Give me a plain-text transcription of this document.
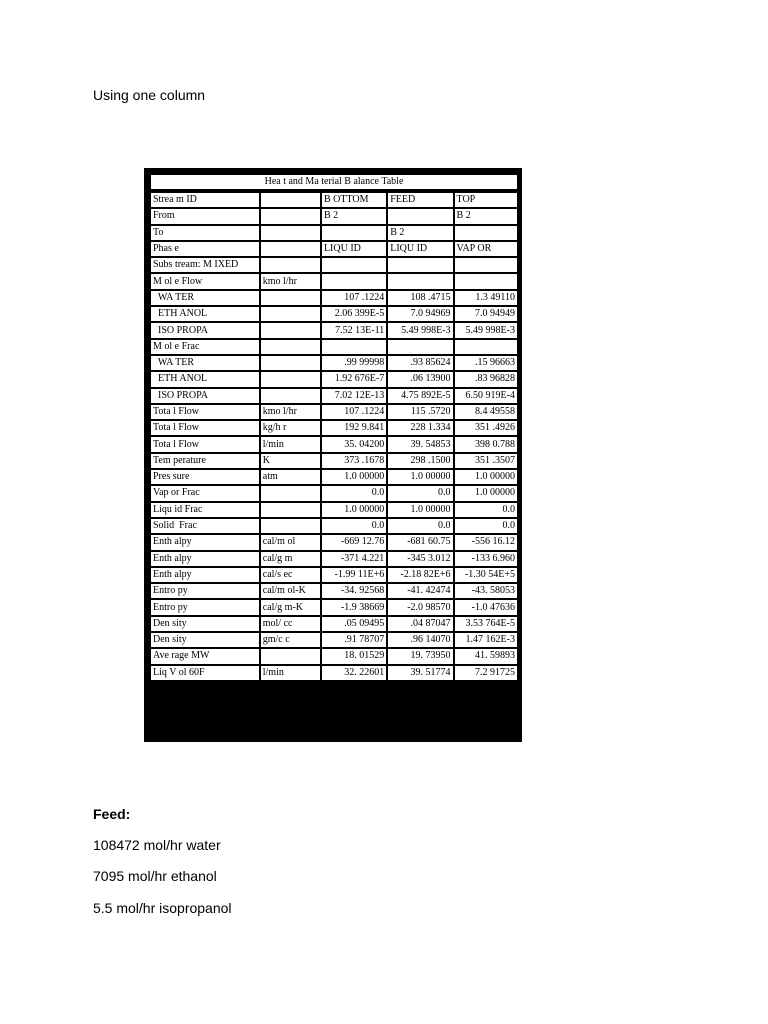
Using one column
Hea t and Ma terial B alance Table
Strea m ID		B OTTOM	FEED	TOP
From		B 2		B 2
To			B 2	
Phas e		LIQU ID	LIQU ID	VAP OR
Subs tream: M IXED				
M ol e Flow	kmo l/hr			
WA TER		107 .1224	108 .4715	1.3 49110
ETH ANOL		2.06 399E-5	7.0 94969	7.0 94949
ISO PROPA		7.52 13E-11	5.49 998E-3	5.49 998E-3
M ol e Frac				
WA TER		.99 99998	.93 85624	.15 96663
ETH ANOL		1.92 676E-7	.06 13900	.83 96828
ISO PROPA		7.02 12E-13	4.75 892E-5	6.50 919E-4
Tota l Flow	kmo l/hr	107 .1224	115 .5720	8.4 49558
Tota l Flow	kg/h r	192 9.841	228 1.334	351 .4926
Tota l Flow	l/min	35. 04200	39. 54853	398 0.788
Tem perature	K	373 .1678	298 .1500	351 .3507
Pres sure	atm	1.0 00000	1.0 00000	1.0 00000
Vap or Frac		0.0	0.0	1.0 00000
Liqu id Frac		1.0 00000	1.0 00000	0.0
Solid  Frac		0.0	0.0	0.0
Enth alpy	cal/m ol	-669 12.76	-681 60.75	-556 16.12
Enth alpy	cal/g m	-371 4.221	-345 3.012	-133 6.960
Enth alpy	cal/s ec	-1.99 11E+6	-2.18 82E+6	-1.30 54E+5
Entro py	cal/m ol-K	-34. 92568	-41. 42474	-43. 58053
Entro py	cal/g m-K	-1.9 38669	-2.0 98570	-1.0 47636
Den sity	mol/ cc	.05 09495	.04 87047	3.53 764E-5
Den sity	gm/c c	.91 78707	.96 14070	1.47 162E-3
Ave rage MW		18. 01529	19. 73950	41. 59893
Liq V ol 60F	l/min	32. 22601	39. 51774	7.2 91725
Feed:
108472 mol/hr water
7095 mol/hr ethanol
5.5 mol/hr isopropanol
